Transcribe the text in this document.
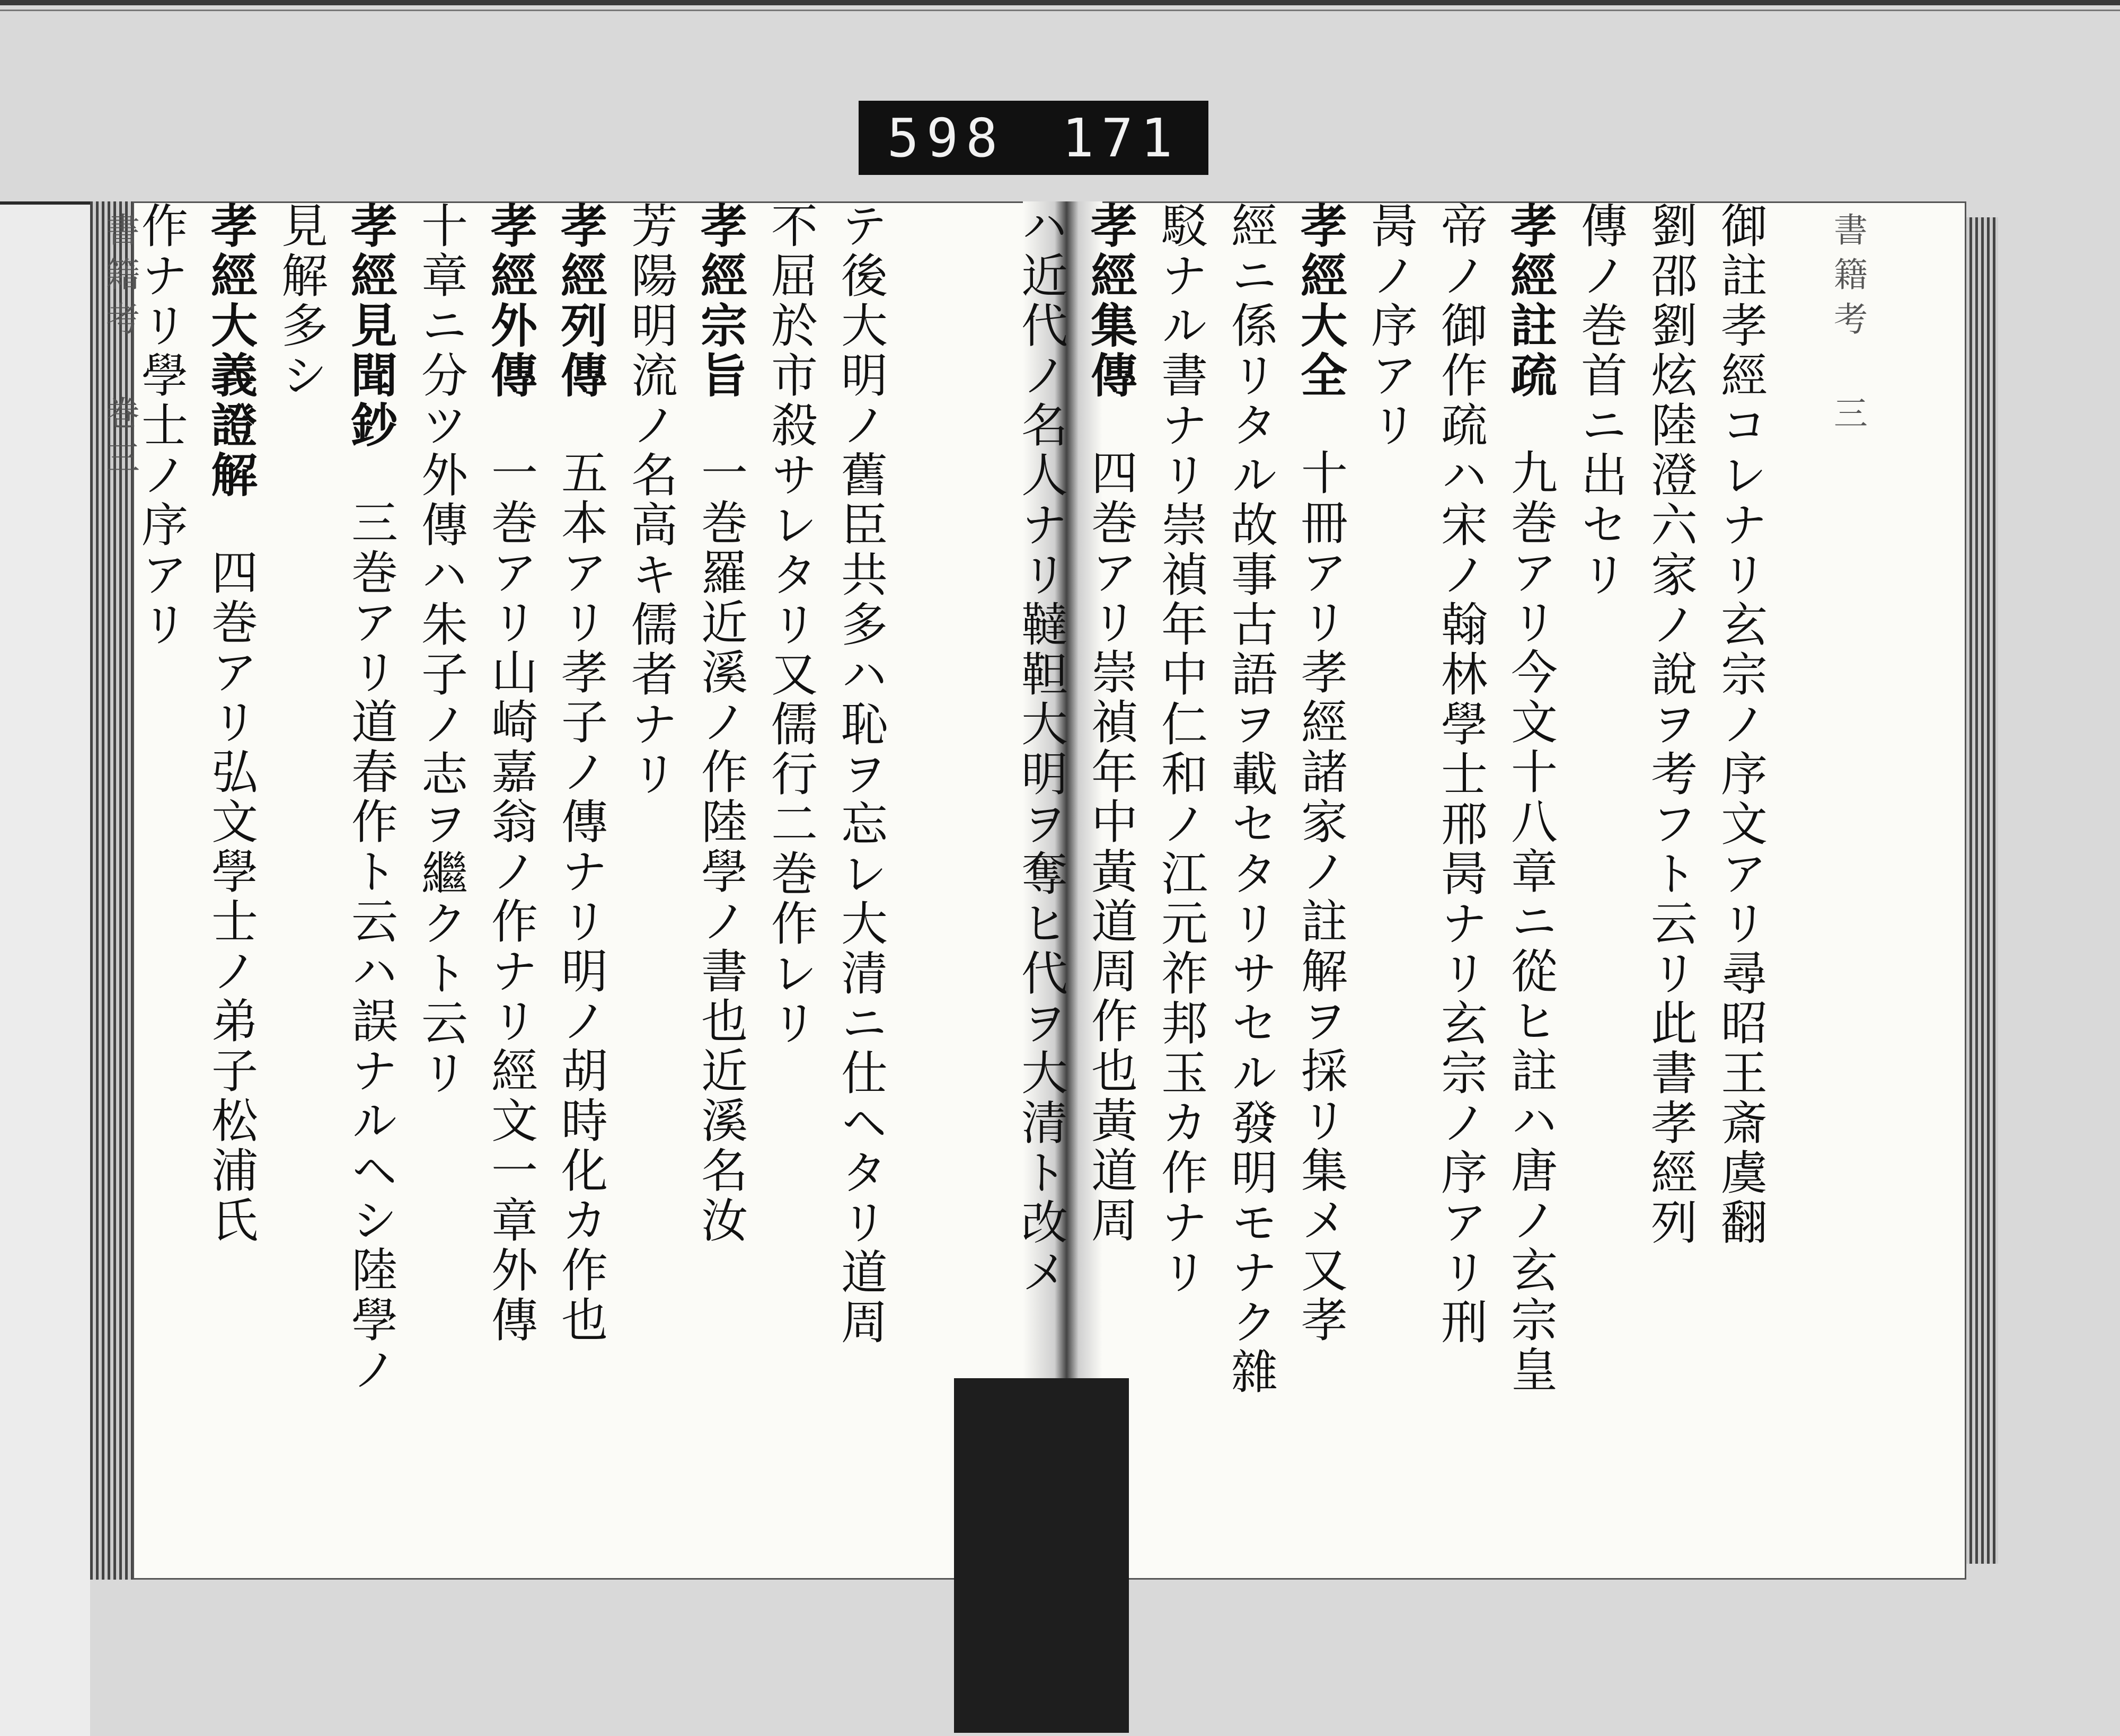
598 171
書籍考 三
書籍考 巻三	御註孝經コレナリ玄宗ノ序文アリ尋昭王斎虞翻
劉邵劉炫陸澄六家ノ說ヲ考フト云リ此書孝經列
傳ノ巻首ニ出セリ
孝經註疏九巻アリ今文十八章ニ從ヒ註ハ唐ノ玄宗皇
帝ノ御作疏ハ宋ノ翰林學士邢昺ナリ玄宗ノ序アリ刑
昺ノ序アリ
孝經大全十冊アリ孝經諸家ノ註解ヲ採リ集メ又孝
經ニ係リタル故事古語ヲ載セタリサセル發明モナク雜
駁ナル書ナリ崇禎年中仁和ノ江元祚邦玉カ作ナリ
孝經集傳四巻アリ崇禎年中黃道周作也黃道周
ハ近代ノ名人ナリ韃靼大明ヲ奪ヒ代ヲ大清ト改メ
テ後大明ノ舊臣共多ハ恥ヲ忘レ大清ニ仕ヘタリ道周
不屈於市殺サレタリ又儒行二巻作レリ
孝經宗旨一巻羅近溪ノ作陸學ノ書也近溪名汝
芳陽明流ノ名高キ儒者ナリ
孝經列傳五本アリ孝子ノ傳ナリ明ノ胡時化カ作也
孝經外傳一巻アリ山崎嘉翁ノ作ナリ經文一章外傳
十章ニ分ツ外傳ハ朱子ノ志ヲ繼クト云リ
孝經見聞鈔三巻アリ道春作ト云ハ誤ナルヘシ陸學ノ
見解多シ
孝經大義證解四巻アリ弘文學士ノ弟子松浦氏
作ナリ學士ノ序アリ
